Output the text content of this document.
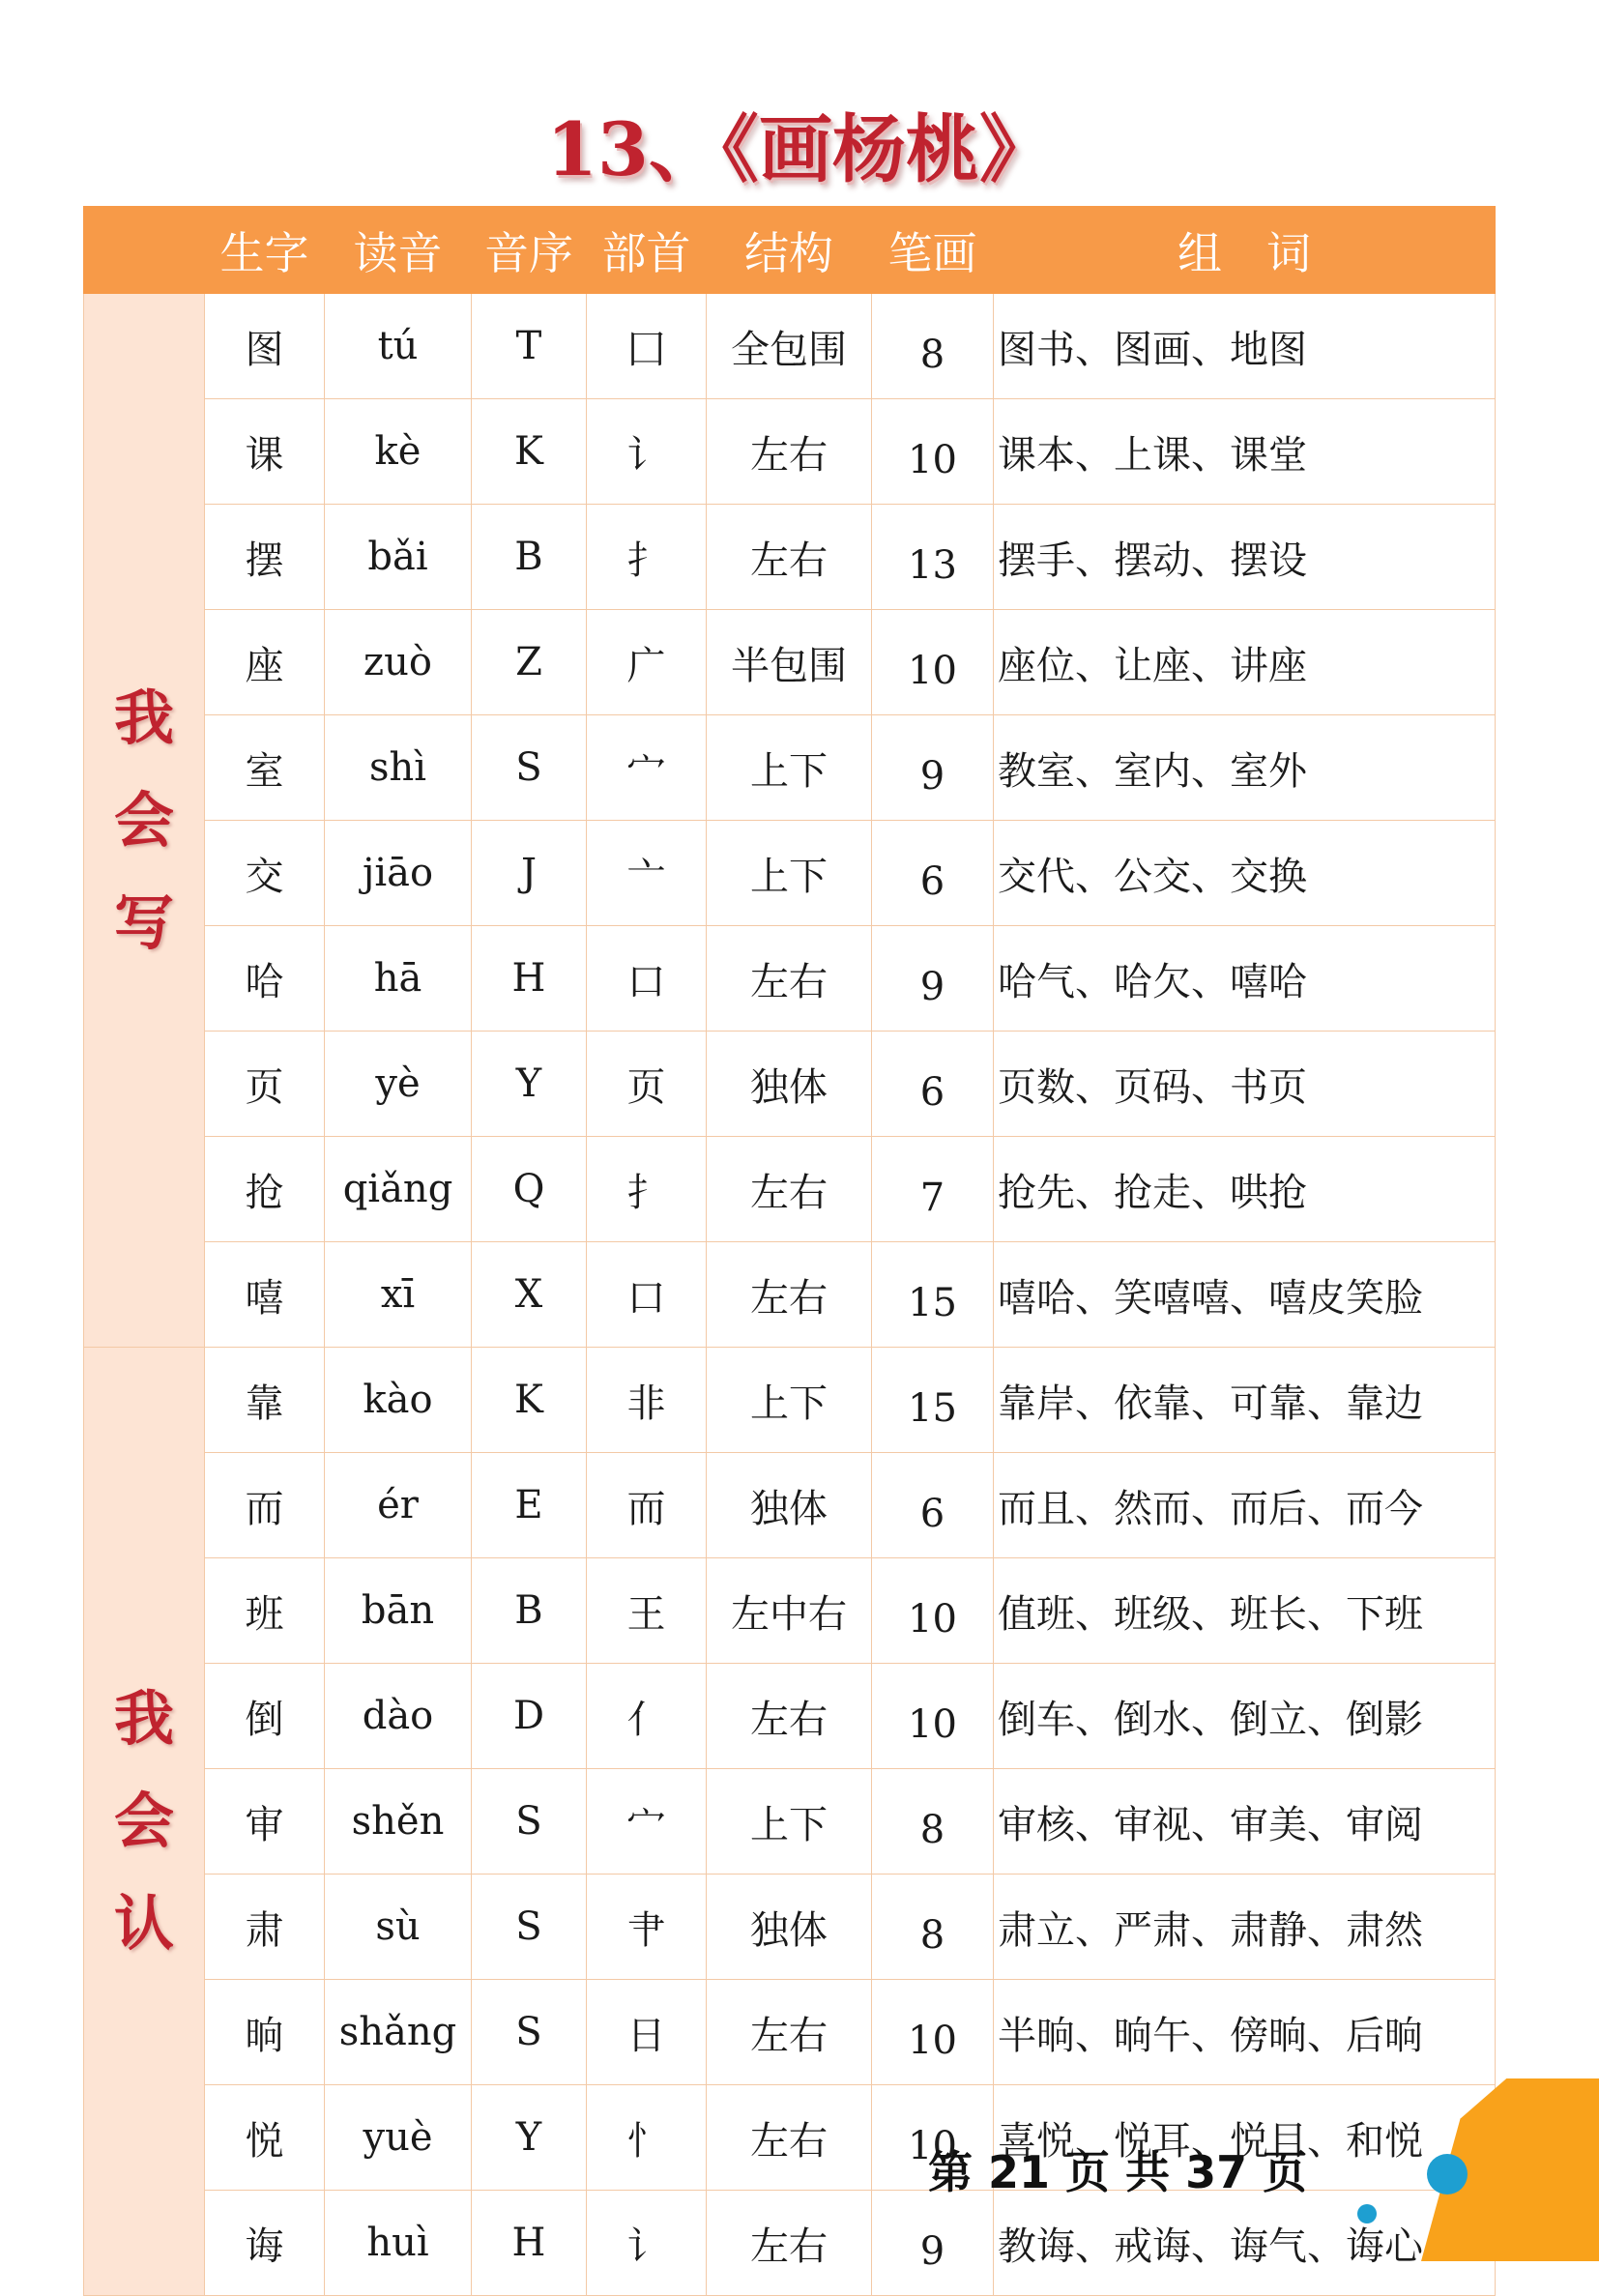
13、《画杨桃》
	生字	读音	音序	部首	结构	笔画	组　词

我
会
写	图	tú	T	囗	全包围	8	图书、图画、地图
	课	kè	K	讠	左右	10	课本、上课、课堂
	摆	bǎi	B	扌	左右	13	摆手、摆动、摆设
	座	zuò	Z	广	半包围	10	座位、让座、讲座
	室	shì	S	宀	上下	9	教室、室内、室外
	交	jiāo	J	亠	上下	6	交代、公交、交换
	哈	hā	H	口	左右	9	哈气、哈欠、嘻哈
	页	yè	Y	页	独体	6	页数、页码、书页
	抢	qiǎng	Q	扌	左右	7	抢先、抢走、哄抢
	嘻	xī	X	口	左右	15	嘻哈、笑嘻嘻、嘻皮笑脸

我
会
认	靠	kào	K	非	上下	15	靠岸、依靠、可靠、靠边
	而	ér	E	而	独体	6	而且、然而、而后、而今
	班	bān	B	王	左中右	10	值班、班级、班长、下班
	倒	dào	D	亻	左右	10	倒车、倒水、倒立、倒影
	审	shěn	S	宀	上下	8	审核、审视、审美、审阅
	肃	sù	S	肀	独体	8	肃立、严肃、肃静、肃然
	晌	shǎng	S	日	左右	10	半晌、晌午、傍晌、后晌
	悦	yuè	Y	忄	左右	10	喜悦、悦耳、悦目、和悦
	诲	huì	H	讠	左右	9	教诲、戒诲、诲气、诲心
第 21 页 共 37 页
